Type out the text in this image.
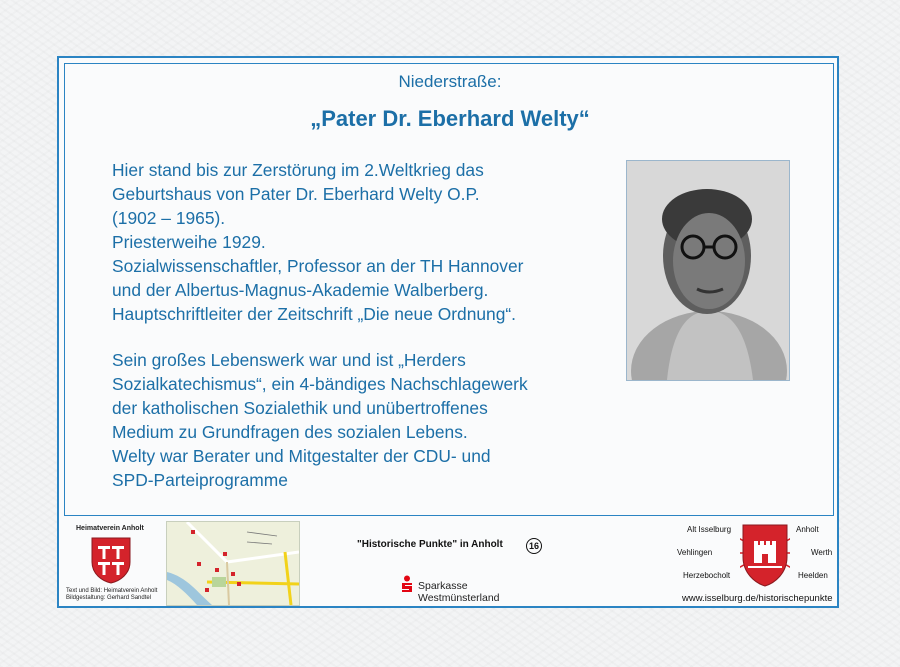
Niederstraße:
„Pater Dr. Eberhard Welty“
Hier stand bis zur Zerstörung im 2.Weltkrieg das
Geburtshaus von Pater Dr. Eberhard Welty O.P.
(1902 – 1965).
Priesterweihe 1929.
Sozialwissenschaftler, Professor an der TH Hannover
und der Albertus-Magnus-Akademie Walberberg.
Hauptschriftleiter der Zeitschrift „Die neue Ordnung“.
Sein großes Lebenswerk war und ist „Herders
Sozialkatechismus“, ein 4-bändiges Nachschlagewerk
der katholischen Sozialethik und unübertroffenes
Medium zu Grundfragen des sozialen Lebens.
Welty war Berater und Mitgestalter der CDU- und
SPD-Parteiprogramme
Heimatverein Anholt
Text und Bild: Heimatverein Anholt
Bildgestaltung: Gerhard Sandtel
"Historische Punkte" in Anholt	16
Sparkasse
Westmünsterland
Alt Isselburg	Anholt
Vehlingen	Werth
Herzebocholt	Heelden
www.isselburg.de/historischepunkte
